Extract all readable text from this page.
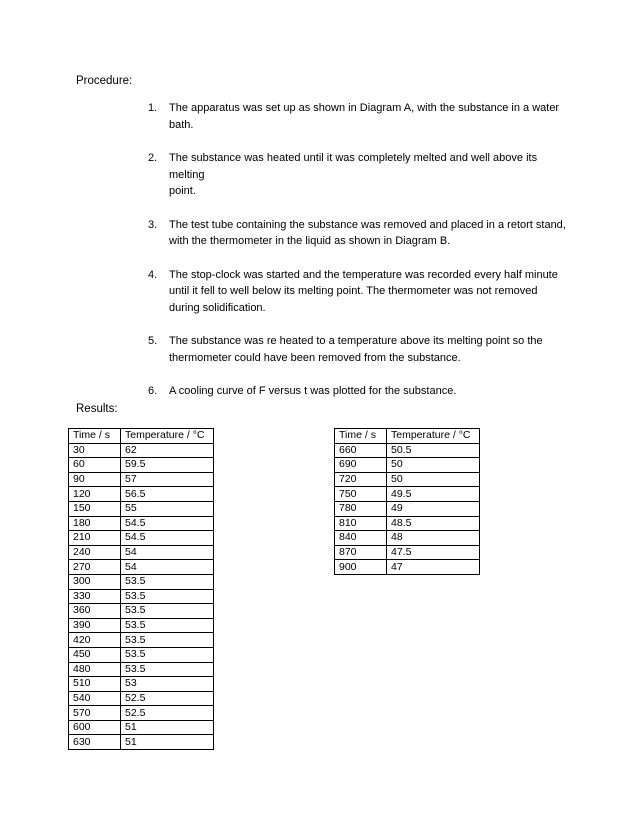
Procedure:
1. The apparatus was set up as shown in Diagram A, with the substance in a water
bath.
2. The substance was heated until it was completely melted and well above its melting
point.
3. The test tube containing the substance was removed and placed in a retort stand,
with the thermometer in the liquid as shown in Diagram B.
4. The stop-clock was started and the temperature was recorded every half minute
until it fell to well below its melting point. The thermometer was not removed
during solidification.
5. The substance was re heated to a temperature above its melting point so the
thermometer could have been removed from the substance.
6. A cooling curve of F versus t was plotted for the substance.
Results:
Time / s	Temperature / °C
30	62
60	59.5
90	57
120	56.5
150	55
180	54.5
210	54.5
240	54
270	54
300	53.5
330	53.5
360	53.5
390	53.5
420	53.5
450	53.5
480	53.5
510	53
540	52.5
570	52.5
600	51
630	51
Time / s	Temperature / °C
660	50.5
690	50
720	50
750	49.5
780	49
810	48.5
840	48
870	47.5
900	47
